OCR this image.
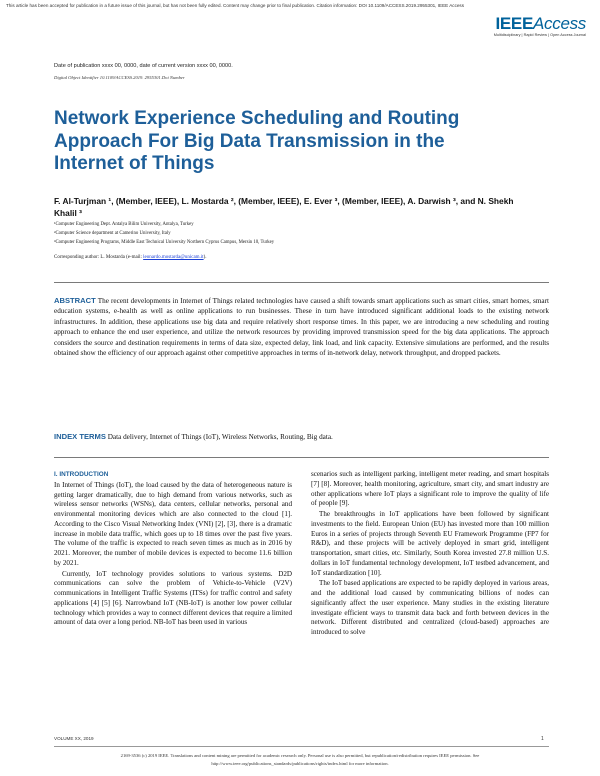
This article has been accepted for publication in a future issue of this journal, but has not been fully edited. Content may change prior to final publication. Citation information: DOI 10.1109/ACCESS.2019.2955301, IEEE Access
IEEEAccess
Multidisciplinary | Rapid Review | Open Access Journal
Date of publication xxxx 00, 0000, date of current version xxxx 00, 0000.
Digital Object Identifier 10.1109/ACCESS.2019. 2955301.Doi Number
Network Experience Scheduling and Routing Approach For Big Data Transmission in the Internet of Things
F. Al-Turjman ¹, (Member, IEEE), L. Mostarda ², (Member, IEEE), E. Ever ³, (Member, IEEE), A. Darwish ³, and N. Shekh Khalil ³
¹Computer Engineering Dept. Antalya Bilim University, Antalya, Turkey
²Computer Science department at Camerino University, Italy
³Computer Engineering Programs, Middle East Technical University Northern Cyprus Campus, Mersin 10, Turkey
Corresponding author: L. Mostarda (e-mail: leonardo.mostarda@unicam.it).
ABSTRACT The recent developments in Internet of Things related technologies have caused a shift towards smart applications such as smart cities, smart homes, smart education systems, e-health as well as online applications to run businesses. These in turn have introduced significant additional loads to the existing network infrastructures. In addition, these applications use big data and require relatively short response times. In this paper, we are introducing a new scheduling and routing approach to enhance the end user experience, and utilize the network resources by providing improved transmission speed for the big data applications. The approach considers the source and destination requirements in terms of data size, expected delay, link load, and link capacity. Extensive simulations are performed, and the results obtained show the efficiency of our approach against other competitive approaches in terms of in-network delay, network throughput, and dropped packets.
INDEX TERMS Data delivery, Internet of Things (IoT), Wireless Networks, Routing, Big data.
I. INTRODUCTION

In Internet of Things (IoT), the load caused by the data of heterogeneous nature is getting larger dramatically, due to high demand from various networks, such as wireless sensor networks (WSNs), data centers, cellular networks, personal and environmental monitoring devices which are also connected to the cloud [1]. According to the Cisco Visual Networking Index (VNI) [2], [3], there is a dramatic increase in mobile data traffic, which goes up to 18 times over the past five years. The volume of the traffic is expected to reach seven times as much as in 2016 by 2021. Moreover, the number of mobile devices is expected to become 11.6 billion by 2021.

Currently, IoT technology provides solutions to various systems. D2D communications can solve the problem of Vehicle-to-Vehicle (V2V) communications in Intelligent Traffic Systems (ITSs) for traffic control and safety applications [4] [5] [6]. Narrowband IoT (NB-IoT) is another low power cellular technology which provides a way to connect different devices that require a limited amount of data over a long period. NB-IoT has been used in various

scenarios such as intelligent parking, intelligent meter reading, and smart hospitals [7] [8]. Moreover, health monitoring, agriculture, smart city, and smart industry are other applications where IoT plays a significant role to improve the quality of life of people [9].

The breakthroughs in IoT applications have been followed by significant investments to the field. European Union (EU) has invested more than 100 million Euros in a series of projects through Seventh EU Framework Programme (FP7 for R&D), and these projects will be actively deployed in smart grid, intelligent transportation, smart cities, etc. Similarly, South Korea invested 27.8 million U.S. dollars in IoT fundamental technology development, IoT testbed advancement, and IoT standardization [10].

The IoT based applications are expected to be rapidly deployed in various areas, and the additional load caused by communicating billions of nodes can significantly affect the user experience. Many studies in the existing literature investigate efficient ways to transmit data back and forth between devices in the network. Different distributed and centralized (cloud-based) approaches are introduced to solve

VOLUME XX, 2019	1
2169-3536 (c) 2019 IEEE. Translations and content mining are permitted for academic research only. Personal use is also permitted, but republication/redistribution requires IEEE permission. See
http://www.ieee.org/publications_standards/publications/rights/index.html for more information.
